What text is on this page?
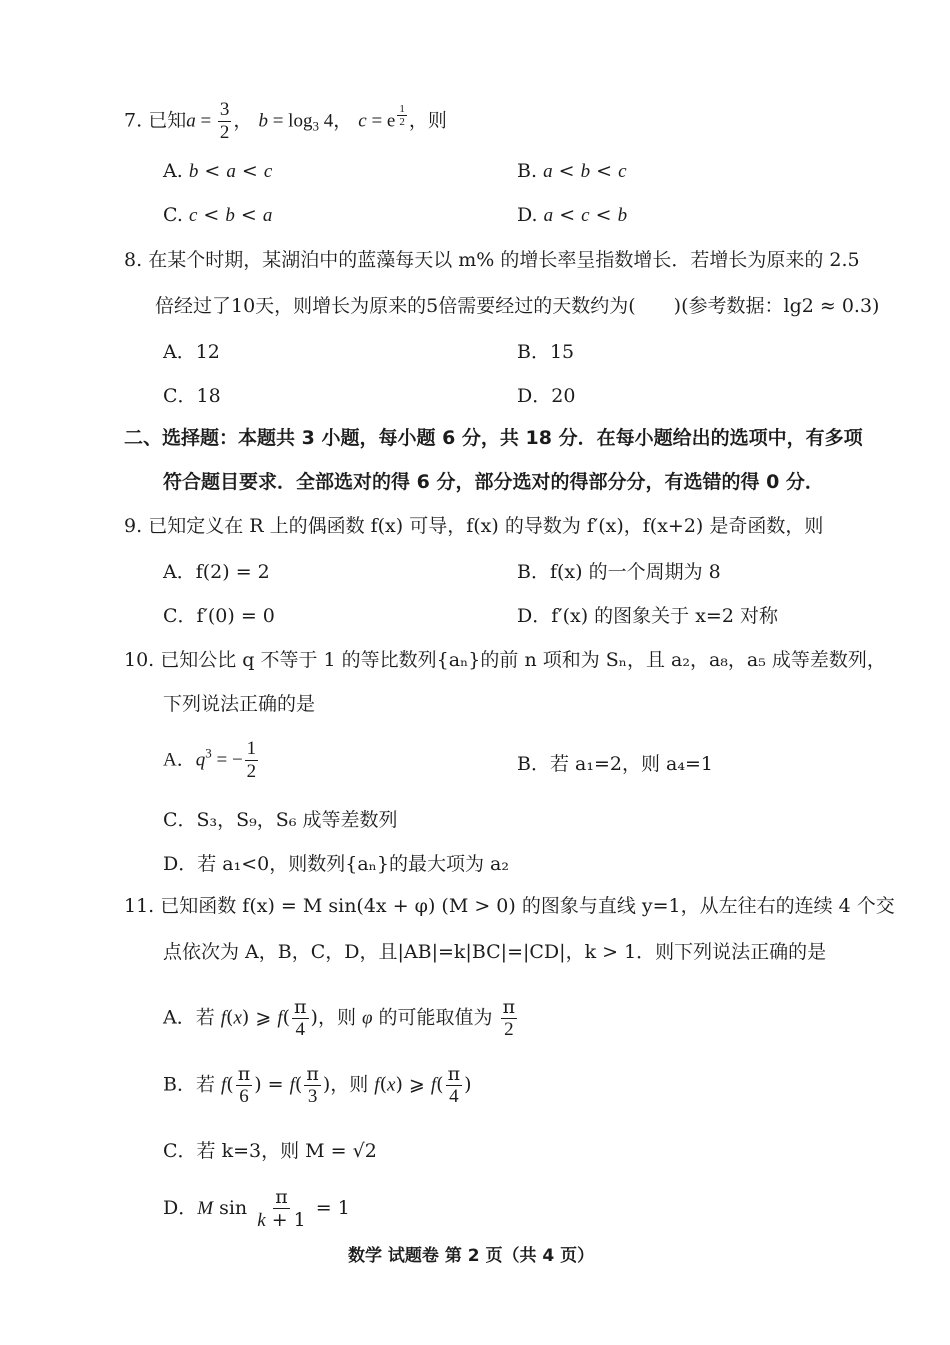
7. 已知$a = \frac{3}{2}$ ， $b = \log_3 4$， c = e $^{\frac{1}{2}}$ ，则
A. b < a < c	B. a < b < c
C. c < b < a	D. a < c < b
8. 在某个时期，某湖泊中的蓝藻每天以 m% 的增长率呈指数增长．若增长为原来的 2.5
倍经过了10天，则增长为原来的5倍需要经过的天数约为(　　)(参考数据：lg2 ≈ 0.3)
A．12	B．15
C．18	D．20
二、选择题：本题共 3 小题，每小题 6 分，共 18 分．在每小题给出的选项中，有多项
符合题目要求．全部选对的得 6 分，部分选对的得部分分，有选错的得 0 分．
9. 已知定义在 R 上的偶函数 f(x) 可导，f(x) 的导数为 f′(x)，f(x+2) 是奇函数，则
A．f(2) = 2	B．f(x) 的一个周期为 8
C．f′(0) = 0	D．f′(x) 的图象关于 x=2 对称
10. 已知公比 q 不等于 1 的等比数列{aₙ}的前 n 项和为 Sₙ，且 a₂，a₈，a₅ 成等差数列，
下列说法正确的是
A．$q^3$ = − $\frac{1}{2}$	B．若 a₁=2，则 a₄=1
C．S₃，S₉，S₆ 成等差数列
D．若 a₁<0，则数列{aₙ}的最大项为 a₂
11. 已知函数 f(x) = M sin(4x + φ) (M > 0) 的图象与直线 y=1，从左往右的连续 4 个交
点依次为 A，B，C，D，且|AB|=k|BC|=|CD|，k > 1．则下列说法正确的是
A．若 f(x) ⩾ $f( \frac{\pi}{4}$ )，则 φ 的可能取值为 $\frac{\pi}{2}$
B．若 $f( \frac{\pi}{6}$ ) = $f( \frac{\pi}{3}$ )，则 f(x) ⩾ $f( \frac{\pi}{4}$ )
C．若 k=3，则 M = √2
D．M $\sin \frac{\pi}{k + 1} = 1$
数学 试题卷 第 2 页（共 4 页）
